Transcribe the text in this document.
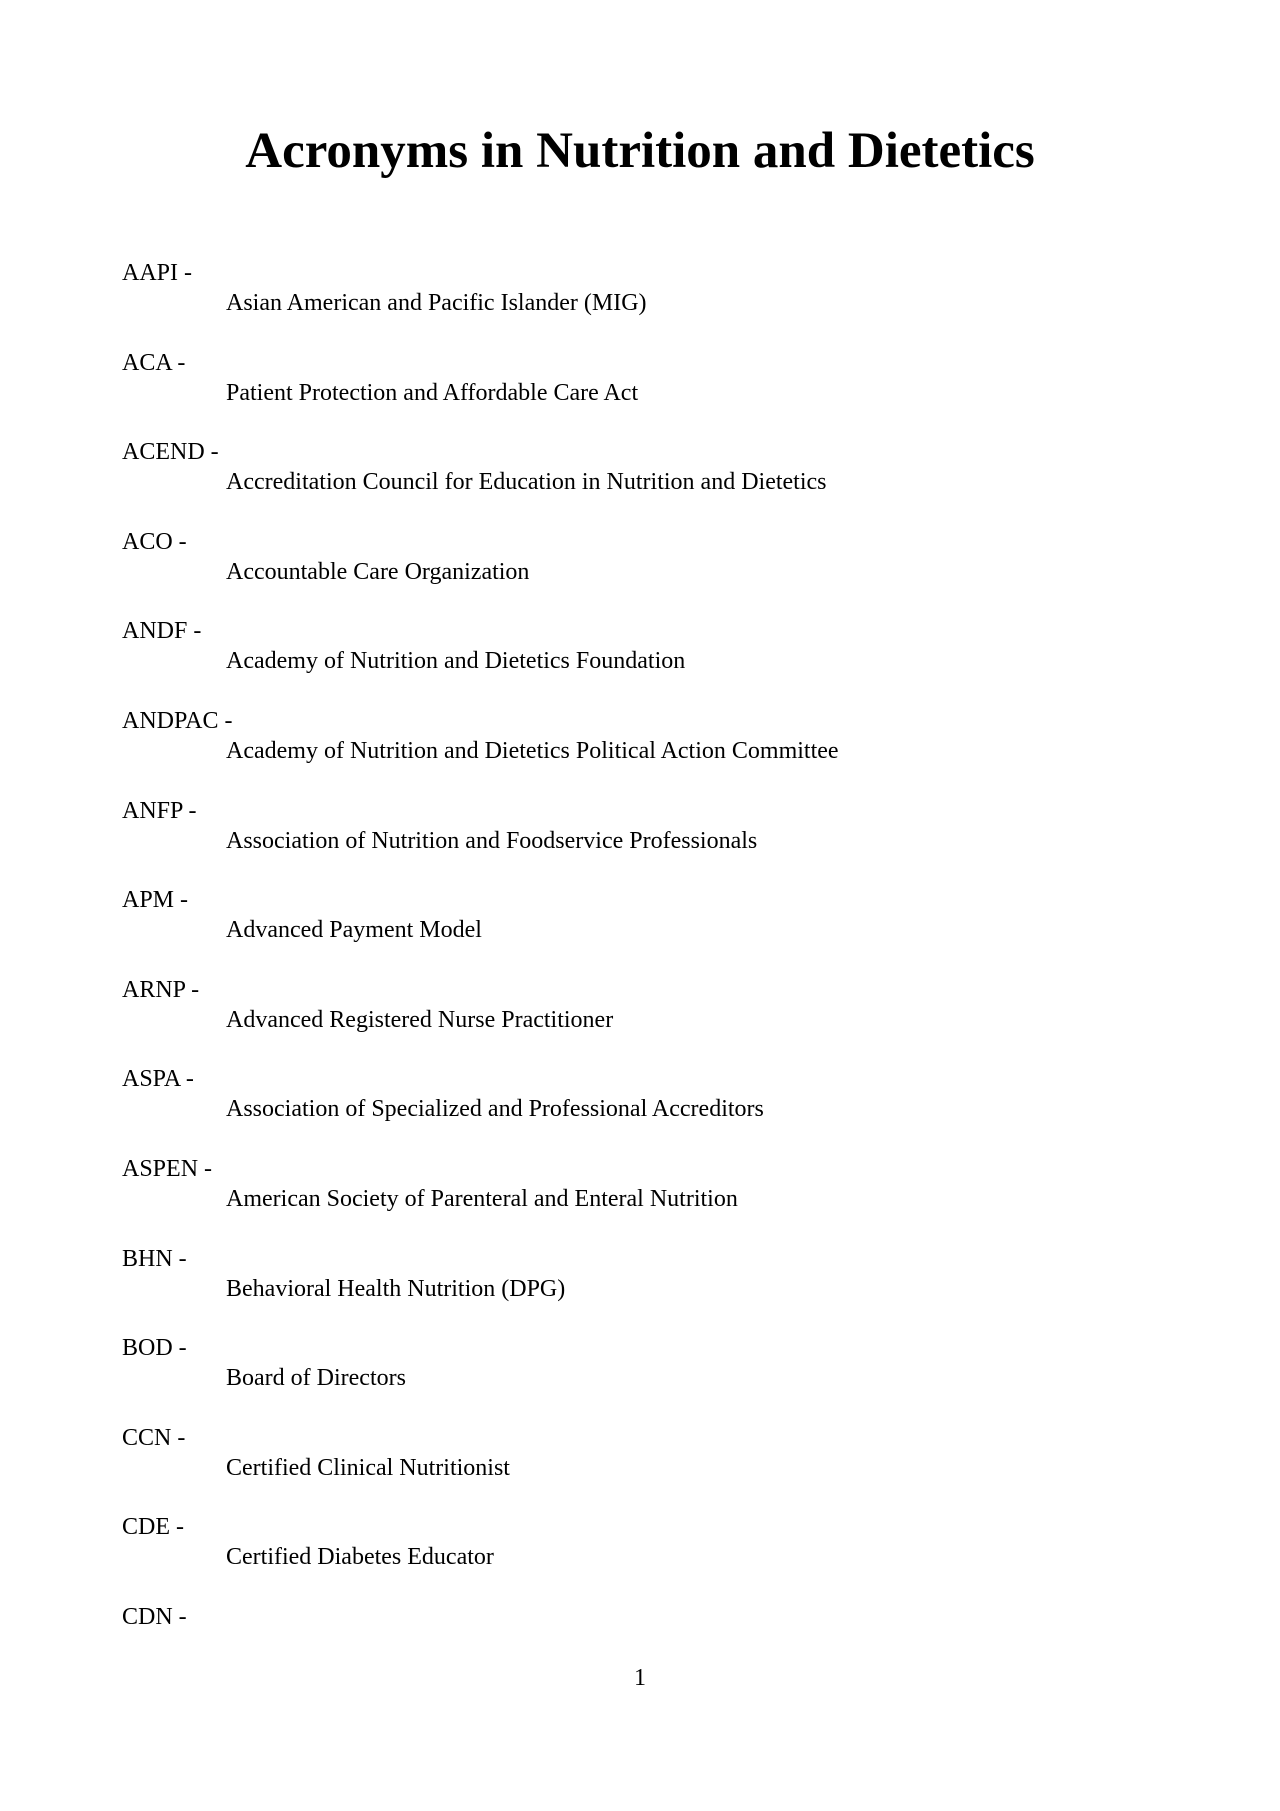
Acronyms in Nutrition and Dietetics
AAPI -
Asian American and Pacific Islander (MIG)
ACA -
Patient Protection and Affordable Care Act
ACEND -
Accreditation Council for Education in Nutrition and Dietetics
ACO -
Accountable Care Organization
ANDF -
Academy of Nutrition and Dietetics Foundation
ANDPAC -
Academy of Nutrition and Dietetics Political Action Committee
ANFP -
Association of Nutrition and Foodservice Professionals
APM -
Advanced Payment Model
ARNP -
Advanced Registered Nurse Practitioner
ASPA -
Association of Specialized and Professional Accreditors
ASPEN -
American Society of Parenteral and Enteral Nutrition
BHN -
Behavioral Health Nutrition (DPG)
BOD -
Board of Directors
CCN -
Certified Clinical Nutritionist
CDE -
Certified Diabetes Educator
CDN -
1
